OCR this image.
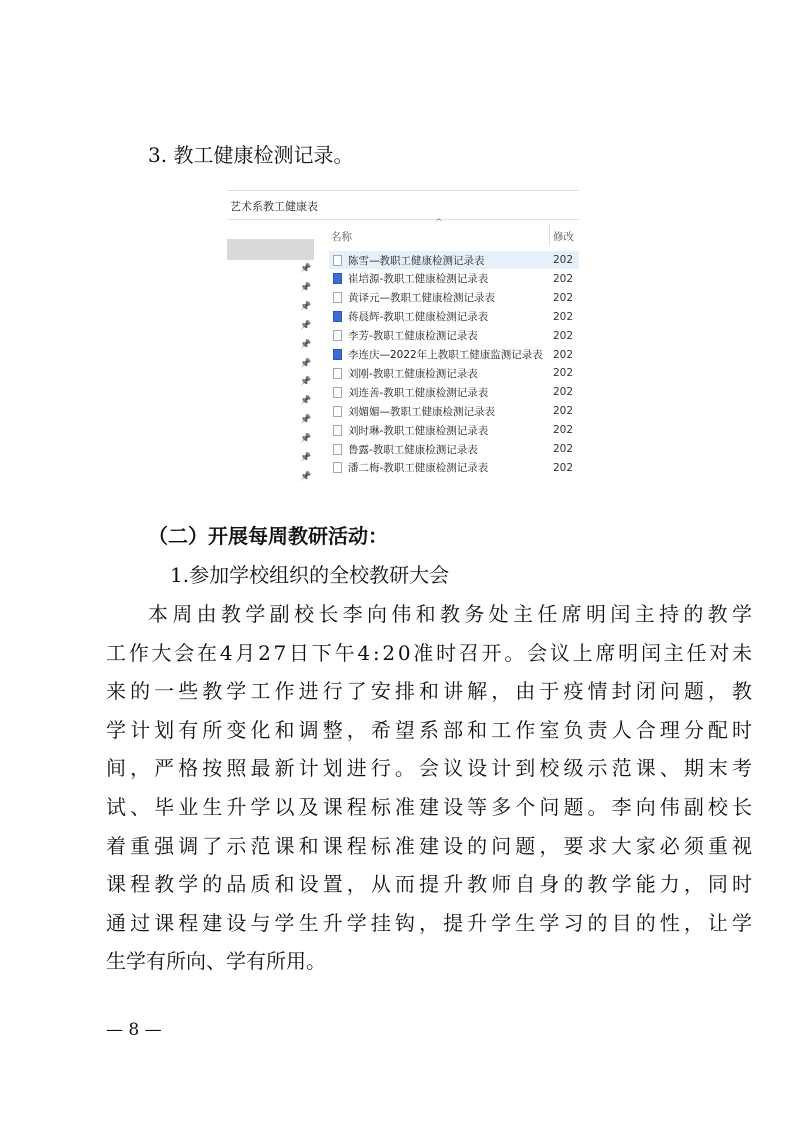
3. 教工健康检测记录。
艺术系教工健康表
^
名称	修改
📌
📌
📌
📌
📌
📌
📌
📌
📌
📌
📌
📌
陈雪—教职工健康检测记录表	202
崔培源-教职工健康检测记录表	202
黄译元—教职工健康检测记录表	202
蒋晨辉-教职工健康检测记录表	202
李芳-教职工健康检测记录表	202
李连庆—2022年上教职工健康监测记录表 202
刘刚-教职工健康检测记录表	202
刘连善-教职工健康检测记录表	202
刘媚媚—教职工健康检测记录表	202
刘时琳-教职工健康检测记录表	202
鲁露-教职工健康检测记录表	202
潘二梅-教职工健康检测记录表	202
（二）开展每周教研活动：
1.参加学校组织的全校教研大会
本周由教学副校长李向伟和教务处主任席明闰主持的教学
工作大会在4月27日下午4:20准时召开。会议上席明闰主任对未
来的一些教学工作进行了安排和讲解，由于疫情封闭问题，教
学计划有所变化和调整，希望系部和工作室负责人合理分配时
间，严格按照最新计划进行。会议设计到校级示范课、期末考
试、毕业生升学以及课程标准建设等多个问题。李向伟副校长
着重强调了示范课和课程标准建设的问题，要求大家必须重视
课程教学的品质和设置，从而提升教师自身的教学能力，同时
通过课程建设与学生升学挂钩，提升学生学习的目的性，让学
生学有所向、学有所用。
— 8 —
